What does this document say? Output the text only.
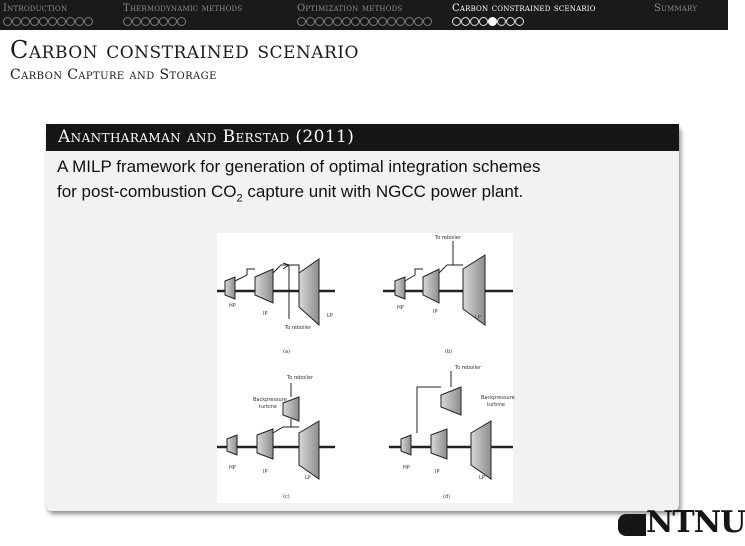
Introduction	Thermodynamic methods	Optimization methods	Carbon constrained scenario	Summary
Carbon constrained scenario
Carbon Capture and Storage
Anantharaman and Berstad (2011)
A MILP framework for generation of optimal integration schemes
for post-combustion $CO_2$ capture unit with NGCC power plant.
HP
IP	LP
To reboiler
(a)
To reboiler
HP
IP
LP
(b)
To reboiler
Backpressure
turbine
HP
IP
LP
(c)
To reboiler
Backpressure
turbine
HP
IP
LP
(d)
NTNU
